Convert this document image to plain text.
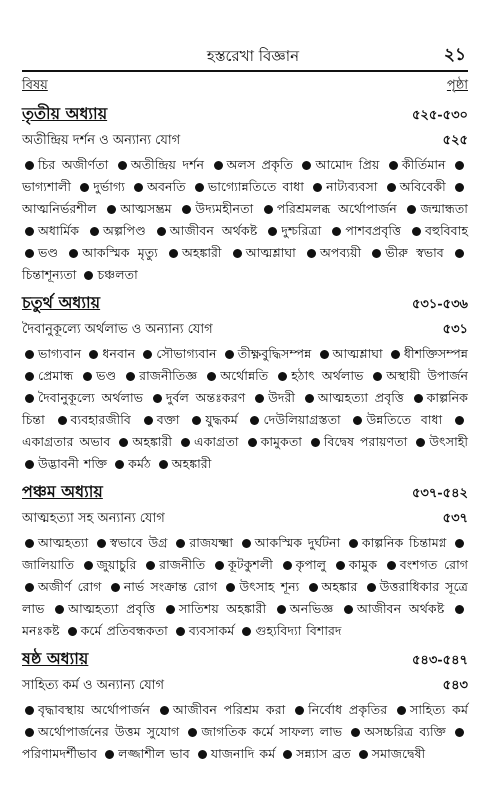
হস্তরেখা বিজ্ঞান	২১
বিষয়	পৃষ্ঠা
তৃতীয় অধ্যায়	৫২৫-৫৩০
অতীন্দ্রিয় দর্শন ও অন্যান্য যোগ	৫২৫
চির অজীর্ণতা অতীন্দ্রিয় দর্শন অলস প্রকৃতি আমোদ প্রিয় কীর্তিমান ভাগ্যশালী দুর্ভাগ্য অবনতি ভাগ্যোন্নতিতে বাধা নাট্যব্যবসা অবিবেকী আত্মনির্ভরশীল আত্মসম্ভ্রম উদ্যমহীনতা পরিশ্রমলব্ধ অর্থোপার্জন জন্মান্ধতা অধার্মিক অল্পপিণ্ড আজীবন অর্থকষ্ট দুশ্চরিত্রা পাশবপ্রবৃত্তি বহুবিবাহ ভণ্ড আকস্মিক মৃত্যু অহঙ্কারী আত্মশ্লাঘা অপব্যয়ী ভীরু স্বভাব চিন্তাশূন্যতা চঞ্চলতা
চতুর্থ অধ্যায়	৫৩১-৫৩৬
দৈবানুকূল্যে অর্থলাভ ও অন্যান্য যোগ	৫৩১
ভাগ্যবান ধনবান সৌভাগ্যবান তীক্ষ্ণবুদ্ধিসম্পন্ন আত্মশ্লাঘা ধীশক্তিসম্পন্ন প্রেমান্ধ ভণ্ড রাজনীতিজ্ঞ অর্থোন্নতি হঠাৎ অর্থলাভ অস্থায়ী উপার্জন দৈবানুকূল্যে অর্থলাভ দুর্বল অন্তঃকরণ উদরী আত্মহত্যা প্রবৃত্তি কাল্পনিক চিন্তা ব্যবহারজীবি বক্তা যুদ্ধকর্ম দেউলিয়াগ্রস্ততা উন্নতিতে বাধা একাগ্রতার অভাব অহঙ্কারী একাগ্রতা কামুকতা বিদ্বেষ পরায়ণতা উৎসাহী উদ্ভাবনী শক্তি কর্মঠ অহঙ্কারী
পঞ্চম অধ্যায়	৫৩৭-৫৪২
আত্মহত্যা সহ অন্যান্য যোগ	৫৩৭
আত্মহত্যা স্বভাবে উগ্র রাজযক্ষ্মা আকস্মিক দুর্ঘটনা কাল্পনিক চিন্তামগ্ন জালিয়াতি জুয়াচুরি রাজনীতি কূটকুশলী কৃপালু কামুক বংশগত রোগ অজীর্ণ রোগ নার্ভ সংক্রান্ত রোগ উৎসাহ শূন্য অহঙ্কার উত্তরাধিকার সূত্রে লাভ আত্মহত্যা প্রবৃত্তি সাতিশয় অহঙ্কারী অনভিজ্ঞ আজীবন অর্থকষ্ট মনঃকষ্ট কর্মে প্রতিবন্ধকতা ব্যবসাকর্ম গুহ্যবিদ্যা বিশারদ
ষষ্ঠ অধ্যায়	৫৪৩-৫৪৭
সাহিত্য কর্ম ও অন্যান্য যোগ	৫৪৩
বৃদ্ধাবস্থায় অর্থোপার্জন আজীবন পরিশ্রম করা নির্বোধ প্রকৃতির সাহিত্য কর্ম অর্থোপার্জনের উত্তম সুযোগ জাগতিক কর্মে সাফল্য লাভ অসচ্চরিত্র ব্যক্তি পরিণামদর্শীভাব লজ্জাশীল ভাব যাজনাদি কর্ম সন্ন্যাস ব্রত সমাজদ্বেষী
